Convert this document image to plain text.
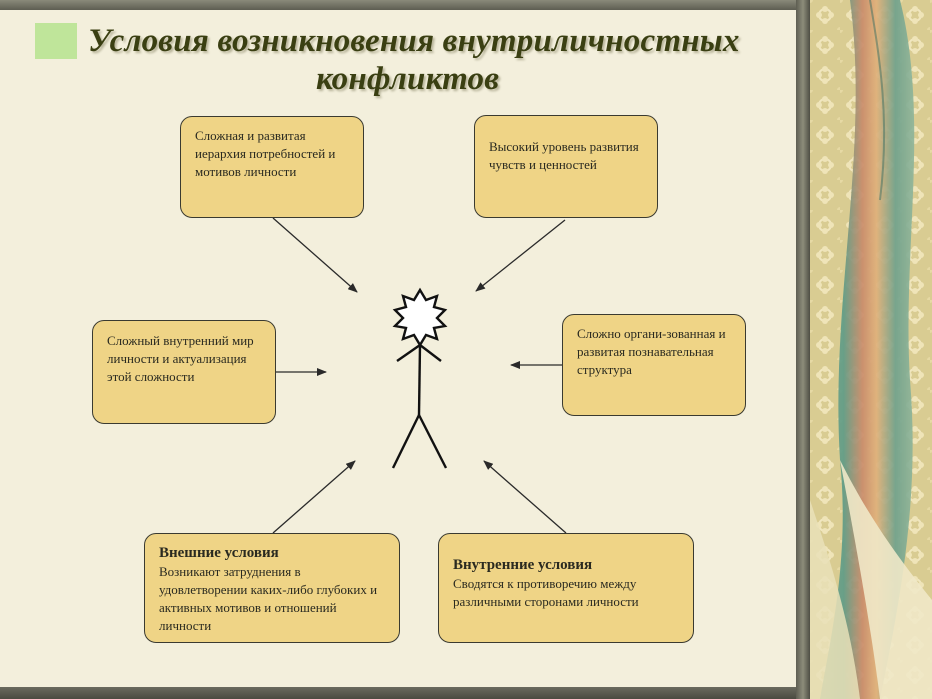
Условия возникновения внутриличностных
конфликтов
Сложная и развитая иерархия потребностей и мотивов личности
Высокий уровень развития чувств и ценностей
Сложный внутренний мир личности и актуализация этой сложности
Сложно органи-зованная и развитая познавательная структура
Внешние условия
Возникают затруднения в удовлетворении каких-либо глубоких и активных мотивов и отношений личности
Внутренние условия
Сводятся к противоречию между различными сторонами личности
